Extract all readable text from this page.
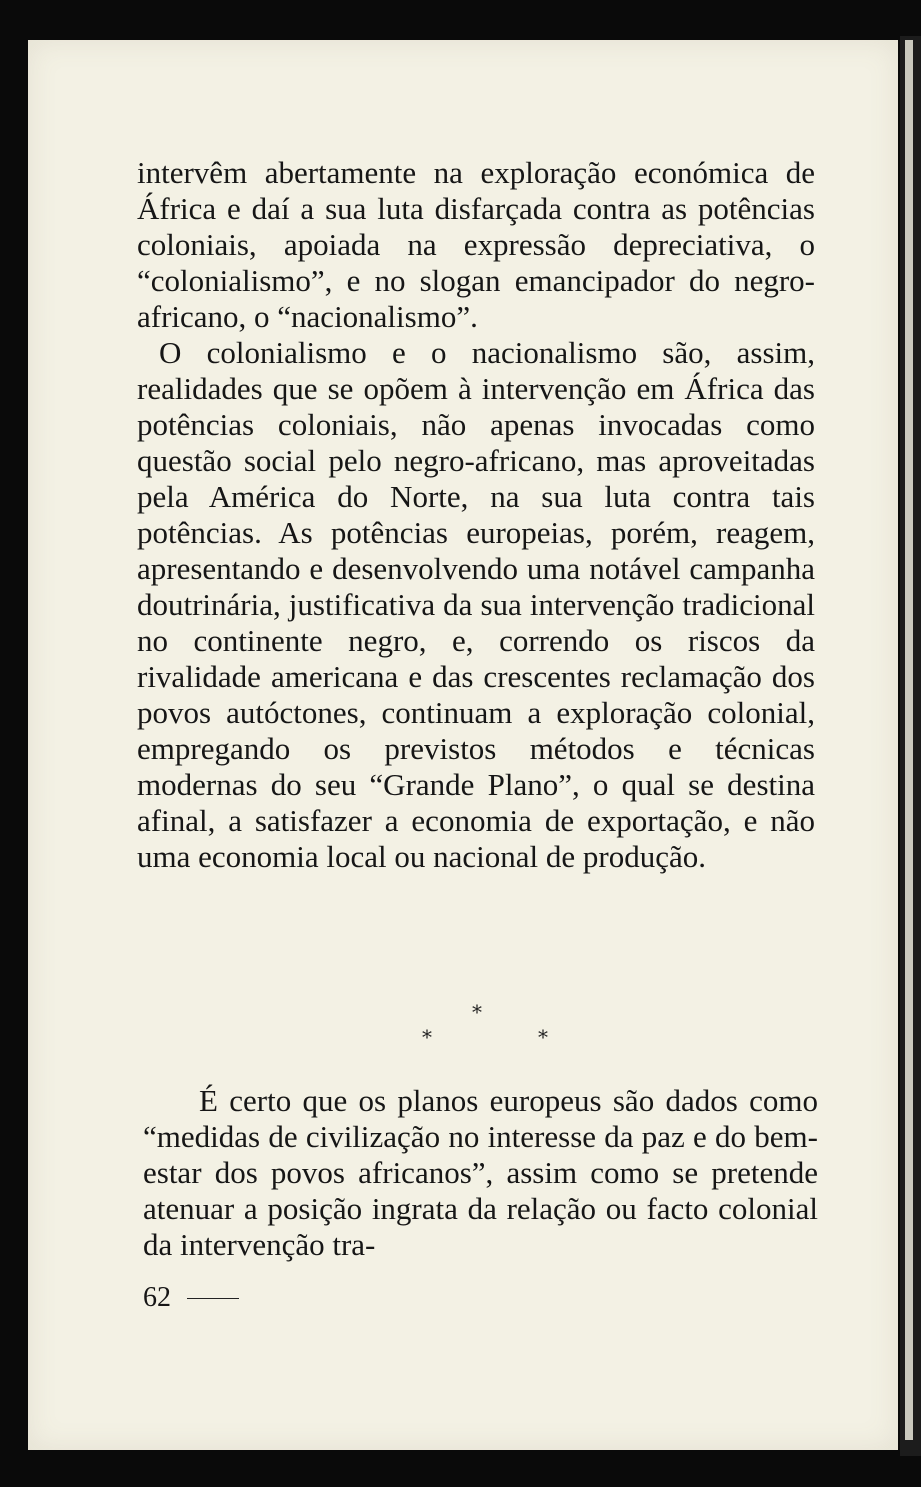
intervêm abertamente na exploração económica de África e daí a sua luta disfarçada contra as potências coloniais, apoiada na expressão depreciativa, o “colonialismo”, e no slogan emancipador do negro-africano, o “nacionalismo”.

O colonialismo e o nacionalismo são, assim, realidades que se opõem à intervenção em África das potências coloniais, não apenas invocadas como questão social pelo negro-africano, mas aproveitadas pela América do Norte, na sua luta contra tais potências. As potências europeias, porém, reagem, apresentando e desenvolvendo uma notável campanha doutrinária, justificativa da sua intervenção tradicional no continente negro, e, correndo os riscos da rivalidade americana e das crescentes reclamação dos povos autóctones, continuam a exploração colonial, empregando os previstos métodos e técnicas modernas do seu “Grande Plano”, o qual se destina afinal, a satisfazer a economia de exportação, e não uma economia local ou nacional de produção.

*
*	*

É certo que os planos europeus são dados como “medidas de civilização no interesse da paz e do bem-estar dos povos africanos”, assim como se pretende atenuar a posição ingrata da relação ou facto colonial da intervenção tra-

62
